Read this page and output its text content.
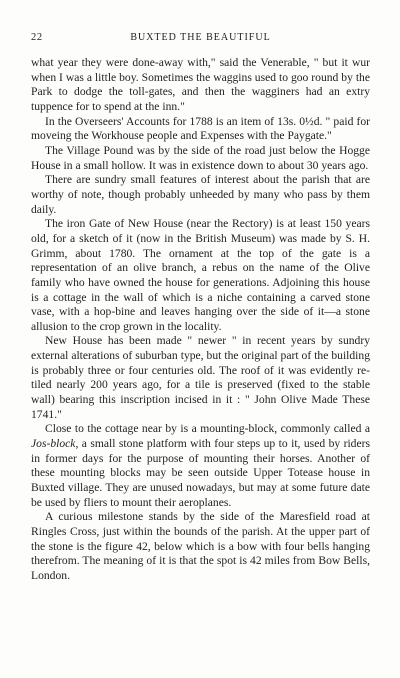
22	BUXTED THE BEAUTIFUL

what year they were done-away with," said the Venerable, " but it wur when I was a little boy. Sometimes the waggins used to goo round by the Park to dodge the toll-gates, and then the wagginers had an extry tuppence for to spend at the inn."

In the Overseers' Accounts for 1788 is an item of 13s. 0½d. " paid for moveing the Workhouse people and Expenses with the Paygate."

The Village Pound was by the side of the road just below the Hogge House in a small hollow. It was in existence down to about 30 years ago.

There are sundry small features of interest about the parish that are worthy of note, though probably unheeded by many who pass by them daily.

The iron Gate of New House (near the Rectory) is at least 150 years old, for a sketch of it (now in the British Museum) was made by S. H. Grimm, about 1780. The ornament at the top of the gate is a representation of an olive branch, a rebus on the name of the Olive family who have owned the house for generations. Adjoining this house is a cottage in the wall of which is a niche containing a carved stone vase, with a hop-bine and leaves hanging over the side of it—a stone allusion to the crop grown in the locality.

New House has been made " newer " in recent years by sundry external alterations of suburban type, but the original part of the building is probably three or four centuries old. The roof of it was evidently re-tiled nearly 200 years ago, for a tile is preserved (fixed to the stable wall) bearing this inscription incised in it : " John Olive Made These 1741."

Close to the cottage near by is a mounting-block, commonly called a Jos-block, a small stone platform with four steps up to it, used by riders in former days for the purpose of mounting their horses. Another of these mounting blocks may be seen outside Upper Totease house in Buxted village. They are unused nowadays, but may at some future date be used by fliers to mount their aeroplanes.

A curious milestone stands by the side of the Maresfield road at Ringles Cross, just within the bounds of the parish. At the upper part of the stone is the figure 42, below which is a bow with four bells hanging therefrom. The meaning of it is that the spot is 42 miles from Bow Bells, London.
